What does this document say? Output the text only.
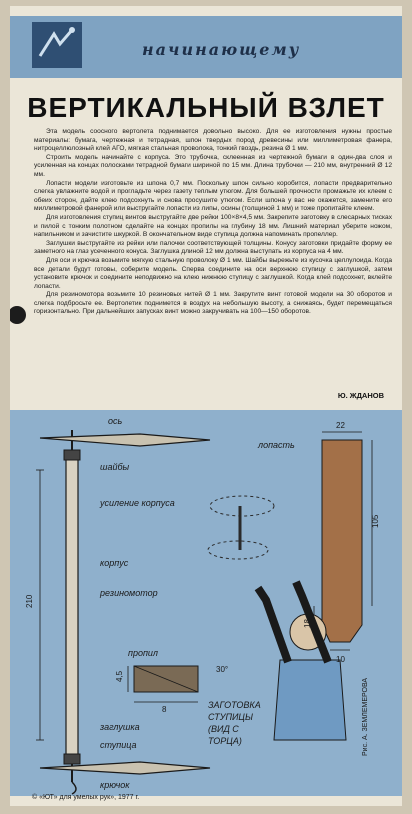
начинающему
ВЕРТИКАЛЬНЫЙ ВЗЛЕТ

Эта модель соосного вертолета поднимается довольно высоко. Для ее изготовления нужны простые материалы: бумага, чертежная и тетрадная, шпон твердых пород древесины или миллиметровая фанера, нитроцеллюлозный клей АГО, мягкая стальная проволока, тонкий гвоздь, резина Ø 1 мм.

Строить модель начинайте с корпуса. Это трубочка, склеенная из чертежной бумаги в один-два слоя и усиленная на концах полосками тетрадной бумаги шириной по 15 мм. Длина трубочки — 210 мм, внутренний Ø 12 мм.

Лопасти модели изготовьте из шпона 0,7 мм. Поскольку шпон сильно коробится, лопасти предварительно слегка увлажните водой и прогладьте через газету теплым утюгом. Для большей прочности промажьте их клеем с обеих сторон, дайте клею подсохнуть и снова просушите утюгом. Если шпона у вас не окажется, замените его миллиметровой фанерой или выстругайте лопасти из липы, осины (толщиной 1 мм) и тоже пропитайте клеем.

Для изготовления ступиц винтов выстругайте две рейки 100×8×4,5 мм. Закрепите заготовку в слесарных тисках и пилой с тонким полотном сделайте на концах пропилы на глубину 18 мм. Лишний материал уберите ножом, напильником и зачистите шкуркой. В окончательном виде ступица должна напоминать пропеллер.

Заглушки выстругайте из рейки или палочки соответствующей толщины. Конусу заготовки придайте форму ее заметного на глаз усеченного конуса. Заглушка длиной 12 мм должна выступать из корпуса на 4 мм.

Для оси и крючка возьмите мягкую стальную проволоку Ø 1 мм. Шайбы вырежьте из кусочка целлулоида. Когда все детали будут готовы, соберите модель. Сперва соедините на оси верхнюю ступицу с заглушкой, затем установите крючок и соедините неподвижно на клею нижнюю ступицу с заглушкой. Когда клей подсохнет, вклейте лопасти.

Для резиномотора возьмите 10 резиновых нитей Ø 1 мм. Закрутите винт готовой модели на 30 оборотов и слегка подбросьте ее. Вертолетик поднимется в воздух на небольшую высоту, а снижаясь, будет перемещаться горизонтально. При дальнейших запусках винт можно закручивать на 100—150 оборотов.

Ю. ЖДАНОВ
ось
шайбы
усиление корпуса
корпус
резиномотор
пропил
заглушка
ступица
крючок
лопасть
ЗАГОТОВКА
СТУПИЦЫ
(ВИД С
ТОРЦА)
210
22
105
18
10
4,5
8
30°
Рис. А. ЗЕМЛЕМЕРОВА
© «ЮТ» для умелых рук», 1977 г.
